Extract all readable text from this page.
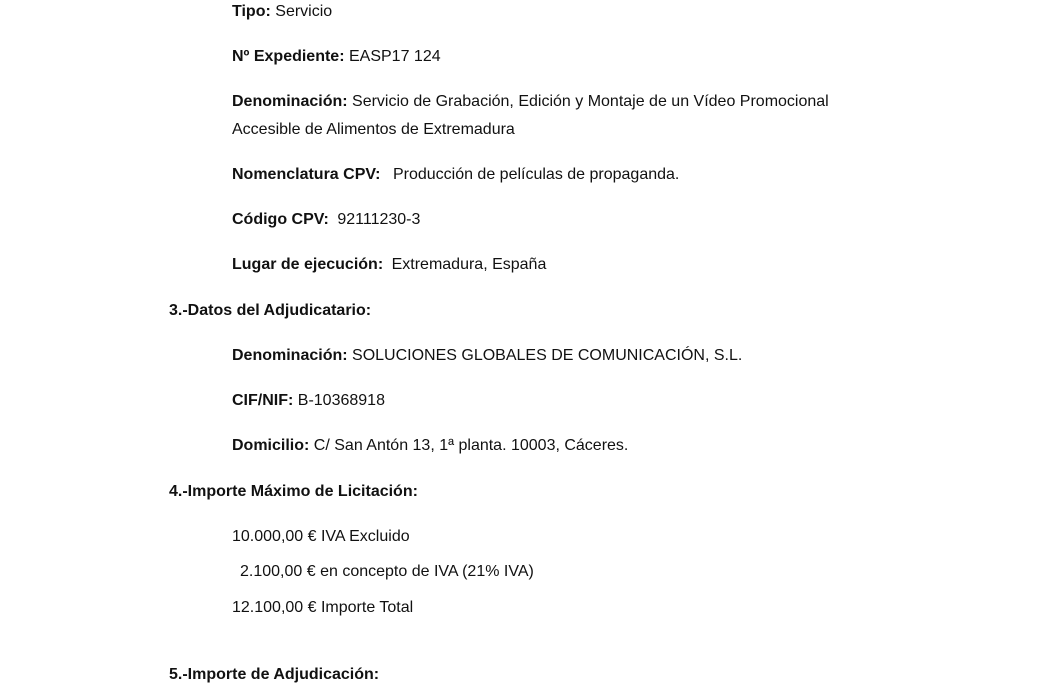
Tipo: Servicio
Nº Expediente: EASP17 124
Denominación: Servicio de Grabación, Edición y Montaje de un Vídeo Promocional
Accesible de Alimentos de Extremadura
Nomenclatura CPV: Producción de películas de propaganda.
Código CPV: 92111230-3
Lugar de ejecución: Extremadura, España
3.-Datos del Adjudicatario:
Denominación: SOLUCIONES GLOBALES DE COMUNICACIÓN, S.L.
CIF/NIF: B-10368918
Domicilio: C/ San Antón 13, 1ª planta. 10003, Cáceres.
4.-Importe Máximo de Licitación:
10.000,00 € IVA Excluido
2.100,00 € en concepto de IVA (21% IVA)
12.100,00 € Importe Total
5.-Importe de Adjudicación:
